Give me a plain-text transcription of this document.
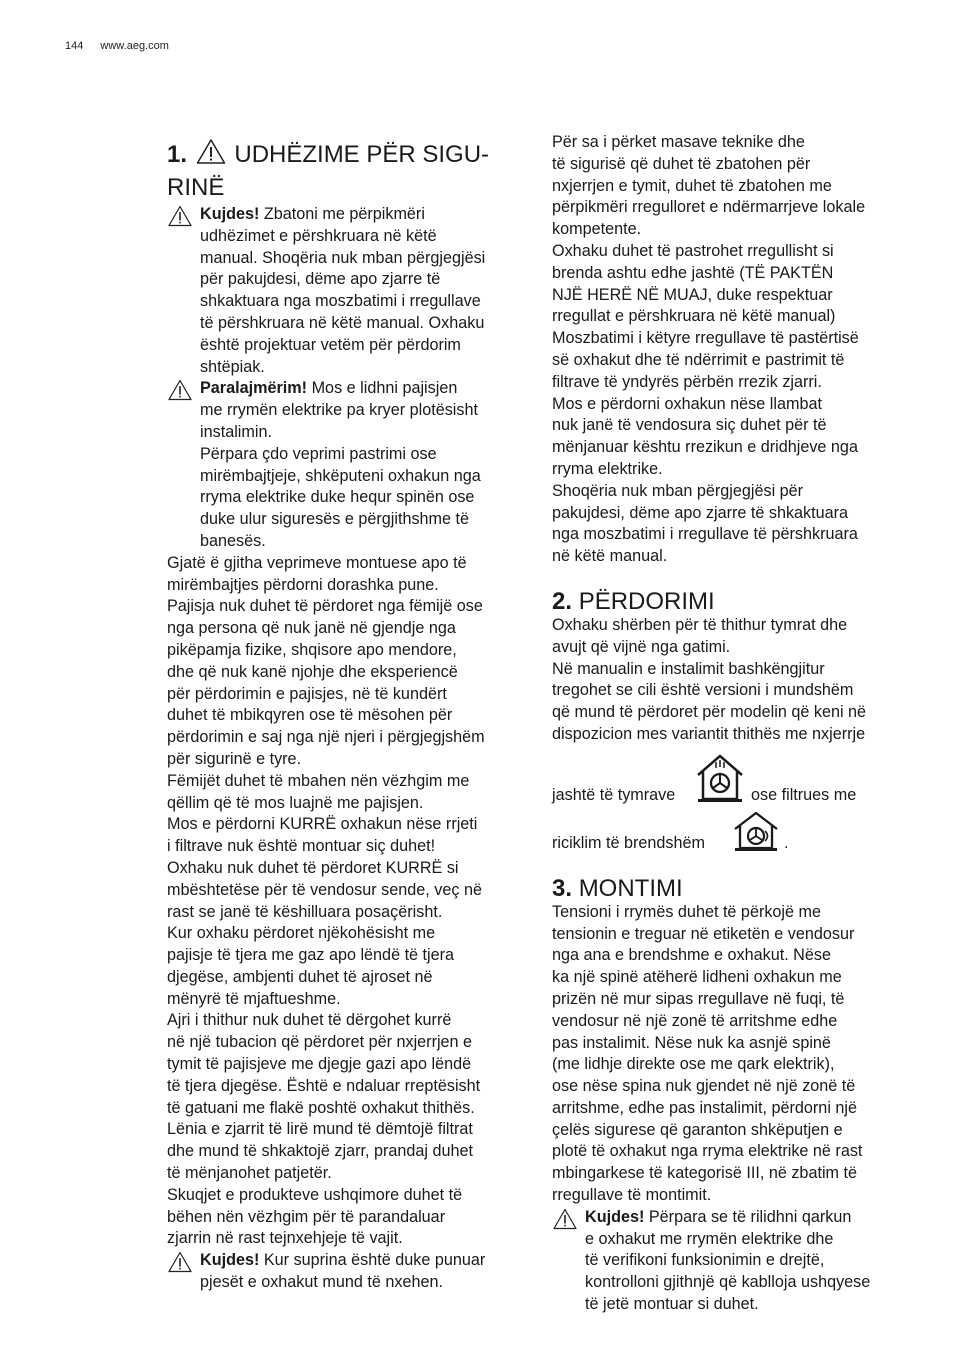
144 www.aeg.com
1. UDHËZIME PËR SIGU-
RINË

Kujdes! Zbatoni me përpikmëri
udhëzimet e përshkruara në këtë
manual. Shoqëria nuk mban përgjegjësi
për pakujdesi, dëme apo zjarre të
shkaktuara nga moszbatimi i rregullave
të përshkruara në këtë manual. Oxhaku
është projektuar vetëm për përdorim
shtëpiak.

Paralajmërim! Mos e lidhni pajisjen
me rrymën elektrike pa kryer plotësisht
instalimin.
Përpara çdo veprimi pastrimi ose
mirëmbajtjeje, shkëputeni oxhakun nga
rryma elektrike duke hequr spinën ose
duke ulur siguresës e përgjithshme të
banesës.

Gjatë ë gjitha veprimeve montuese apo të
mirëmbajtjes përdorni dorashka pune.
Pajisja nuk duhet të përdoret nga fëmijë ose
nga persona që nuk janë në gjendje nga
pikëpamja fizike, shqisore apo mendore,
dhe që nuk kanë njohje dhe eksperiencë
për përdorimin e pajisjes, në të kundërt
duhet të mbikqyren ose të mësohen për
përdorimin e saj nga një njeri i përgjegjshëm
për sigurinë e tyre.
Fëmijët duhet të mbahen nën vëzhgim me
qëllim që të mos luajnë me pajisjen.
Mos e përdorni KURRË oxhakun nëse rrjeti
i filtrave nuk është montuar siç duhet!
Oxhaku nuk duhet të përdoret KURRË si
mbështetëse për të vendosur sende, veç në
rast se janë të këshilluara posaçërisht.
Kur oxhaku përdoret njëkohësisht me
pajisje të tjera me gaz apo lëndë të tjera
djegëse, ambjenti duhet të ajroset në
mënyrë të mjaftueshme.
Ajri i thithur nuk duhet të dërgohet kurrë
në një tubacion që përdoret për nxjerrjen e
tymit të pajisjeve me djegje gazi apo lëndë
të tjera djegëse. Është e ndaluar rreptësisht
të gatuani me flakë poshtë oxhakut thithës.
Lënia e zjarrit të lirë mund të dëmtojë filtrat
dhe mund të shkaktojë zjarr, prandaj duhet
të mënjanohet patjetër.
Skuqjet e produkteve ushqimore duhet të
bëhen nën vëzhgim për të parandaluar
zjarrin në rast tejnxehjeje të vajit.

Kujdes! Kur suprina është duke punuar
pjesët e oxhakut mund të nxehen.

Për sa i përket masave teknike dhe
të sigurisë që duhet të zbatohen për
nxjerrjen e tymit, duhet të zbatohen me
përpikmëri rregulloret e ndërmarrjeve lokale
kompetente.
Oxhaku duhet të pastrohet rregullisht si
brenda ashtu edhe jashtë (TË PAKTËN
NJË HERË NË MUAJ, duke respektuar
rregullat e përshkruara në këtë manual)
Moszbatimi i këtyre rregullave të pastërtisë
së oxhakut dhe të ndërrimit e pastrimit të
filtrave të yndyrës përbën rrezik zjarri.
Mos e përdorni oxhakun nëse llambat
nuk janë të vendosura siç duhet për të
mënjanuar kështu rrezikun e dridhjeve nga
rryma elektrike.
Shoqëria nuk mban përgjegjësi për
pakujdesi, dëme apo zjarre të shkaktuara
nga moszbatimi i rregullave të përshkruara
në këtë manual.

2. PËRDORIMI

Oxhaku shërben për të thithur tymrat dhe
avujt që vijnë nga gatimi.
Në manualin e instalimit bashkëngjitur
tregohet se cili është versioni i mundshëm
që mund të përdoret për modelin që keni në
dispozicion mes variantit thithës me nxjerrje

jashtë të tymrave	ose filtrues me
riciklim të brendshëm	.
3. MONTIMI

Tensioni i rrymës duhet të përkojë me
tensionin e treguar në etiketën e vendosur
nga ana e brendshme e oxhakut. Nëse
ka një spinë atëherë lidheni oxhakun me
prizën në mur sipas rregullave në fuqi, të
vendosur në një zonë të arritshme edhe
pas instalimit. Nëse nuk ka asnjë spinë
(me lidhje direkte ose me qark elektrik),
ose nëse spina nuk gjendet në një zonë të
arritshme, edhe pas instalimit, përdorni një
çelës sigurese që garanton shkëputjen e
plotë të oxhakut nga rryma elektrike në rast
mbingarkese të kategorisë III, në zbatim të
rregullave të montimit.

Kujdes! Përpara se të rilidhni qarkun
e oxhakut me rrymën elektrike dhe
të verifikoni funksionimin e drejtë,
kontrolloni gjithnjë që kablloja ushqyese
të jetë montuar si duhet.
